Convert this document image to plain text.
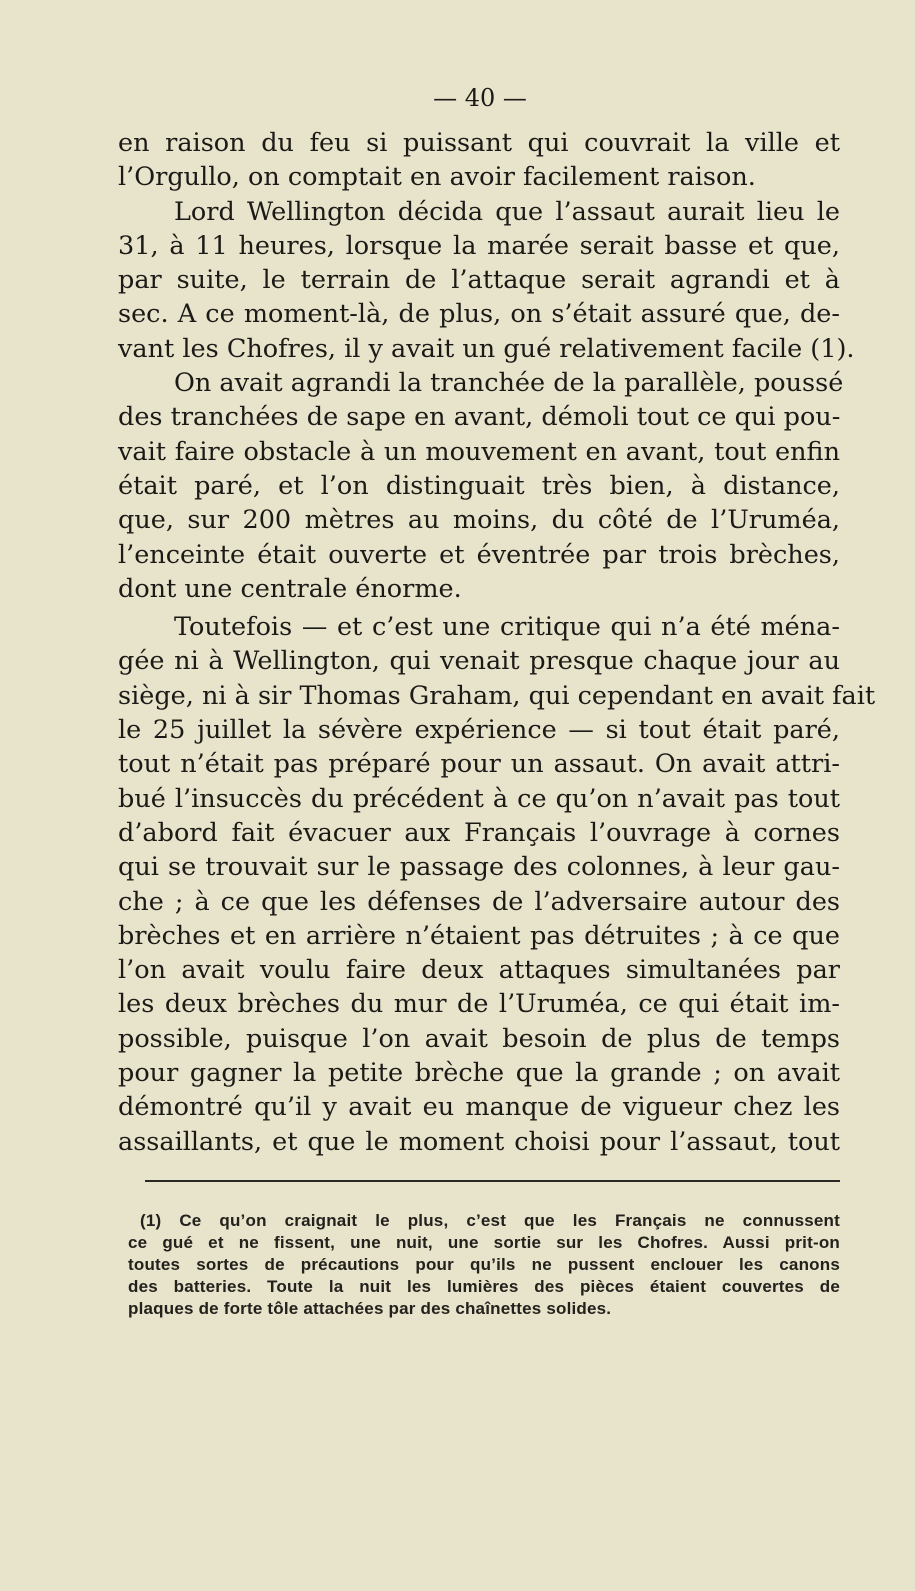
— 40 —
en raison du feu si puissant qui couvrait la ville et
l’Orgullo, on comptait en avoir facilement raison.
Lord Wellington décida que l’assaut aurait lieu le
31, à 11 heures, lorsque la marée serait basse et que,
par suite, le terrain de l’attaque serait agrandi et à
sec. A ce moment-là, de plus, on s’était assuré que, de-
vant les Chofres, il y avait un gué relativement facile (1).
On avait agrandi la tranchée de la parallèle, poussé
des tranchées de sape en avant, démoli tout ce qui pou-
vait faire obstacle à un mouvement en avant, tout enfin
était paré, et l’on distinguait très bien, à distance,
que, sur 200 mètres au moins, du côté de l’Uruméa,
l’enceinte était ouverte et éventrée par trois brèches,
dont une centrale énorme.
Toutefois — et c’est une critique qui n’a été ména-
gée ni à Wellington, qui venait presque chaque jour au
siège, ni à sir Thomas Graham, qui cependant en avait fait
le 25 juillet la sévère expérience — si tout était paré,
tout n’était pas préparé pour un assaut. On avait attri-
bué l’insuccès du précédent à ce qu’on n’avait pas tout
d’abord fait évacuer aux Français l’ouvrage à cornes
qui se trouvait sur le passage des colonnes, à leur gau-
che ; à ce que les défenses de l’adversaire autour des
brèches et en arrière n’étaient pas détruites ; à ce que
l’on avait voulu faire deux attaques simultanées par
les deux brèches du mur de l’Uruméa, ce qui était im-
possible, puisque l’on avait besoin de plus de temps
pour gagner la petite brèche que la grande ; on avait
démontré qu’il y avait eu manque de vigueur chez les
assaillants, et que le moment choisi pour l’assaut, tout
(1) Ce qu’on craignait le plus, c’est que les Français ne connussent
ce gué et ne fissent, une nuit, une sortie sur les Chofres. Aussi prit-on
toutes sortes de précautions pour qu’ils ne pussent enclouer les canons
des batteries. Toute la nuit les lumières des pièces étaient couvertes de
plaques de forte tôle attachées par des chaînettes solides.
